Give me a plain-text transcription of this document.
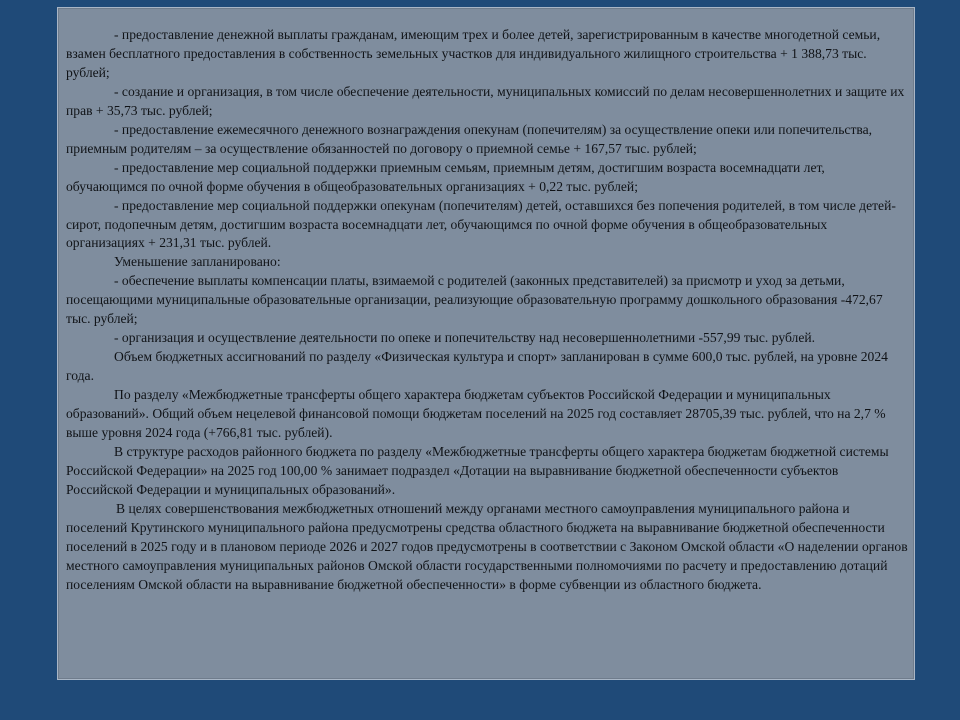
- предоставление денежной выплаты гражданам, имеющим трех и более детей, зарегистрированным в качестве многодетной семьи, взамен бесплатного предоставления в собственность земельных участков для индивидуального жилищного строительства + 1 388,73 тыс. рублей;

- создание и организация, в том числе обеспечение деятельности, муниципальных комиссий по делам несовершеннолетних и защите их прав + 35,73 тыс. рублей;

- предоставление ежемесячного денежного вознаграждения опекунам (попечителям) за осуществление опеки или попечительства, приемным родителям – за осуществление обязанностей по договору о приемной семье + 167,57 тыс. рублей;

- предоставление мер социальной поддержки приемным семьям, приемным детям, достигшим возраста восемнадцати лет, обучающимся по очной форме обучения в общеобразовательных организациях + 0,22 тыс. рублей;

- предоставление мер социальной поддержки опекунам (попечителям) детей, оставшихся без попечения родителей, в том числе детей-сирот, подопечным детям, достигшим возраста восемнадцати лет, обучающимся по очной форме обучения в общеобразовательных организациях + 231,31 тыс. рублей.

Уменьшение запланировано:

- обеспечение выплаты компенсации платы, взимаемой с родителей (законных представителей) за присмотр и уход за детьми, посещающими муниципальные образовательные организации, реализующие образовательную программу дошкольного образования -472,67 тыс. рублей;

- организация и осуществление деятельности по опеке и попечительству над несовершеннолетними -557,99 тыс. рублей.

Объем бюджетных ассигнований по разделу «Физическая культура и спорт» запланирован в сумме 600,0 тыс. рублей, на уровне 2024 года.

По разделу «Межбюджетные трансферты общего характера бюджетам субъектов Российской Федерации и муниципальных образований». Общий объем нецелевой финансовой помощи бюджетам поселений на 2025 год составляет 28705,39 тыс. рублей, что на 2,7 % выше уровня 2024 года (+766,81 тыс. рублей).

В структуре расходов районного бюджета по разделу «Межбюджетные трансферты общего характера бюджетам бюджетной системы Российской Федерации» на 2025 год 100,00 % занимает подраздел «Дотации на выравнивание бюджетной обеспеченности субъектов Российской Федерации и муниципальных образований».

В целях совершенствования межбюджетных отношений между органами местного самоуправления муниципального района и поселений Крутинского муниципального района предусмотрены средства областного бюджета на выравнивание бюджетной обеспеченности поселений в 2025 году и в плановом периоде 2026 и 2027 годов предусмотрены в соответствии с Законом Омской области «О наделении органов местного самоуправления муниципальных районов Омской области государственными полномочиями по расчету и предоставлению дотаций поселениям Омской области на выравнивание бюджетной обеспеченности» в форме субвенции из областного бюджета.
